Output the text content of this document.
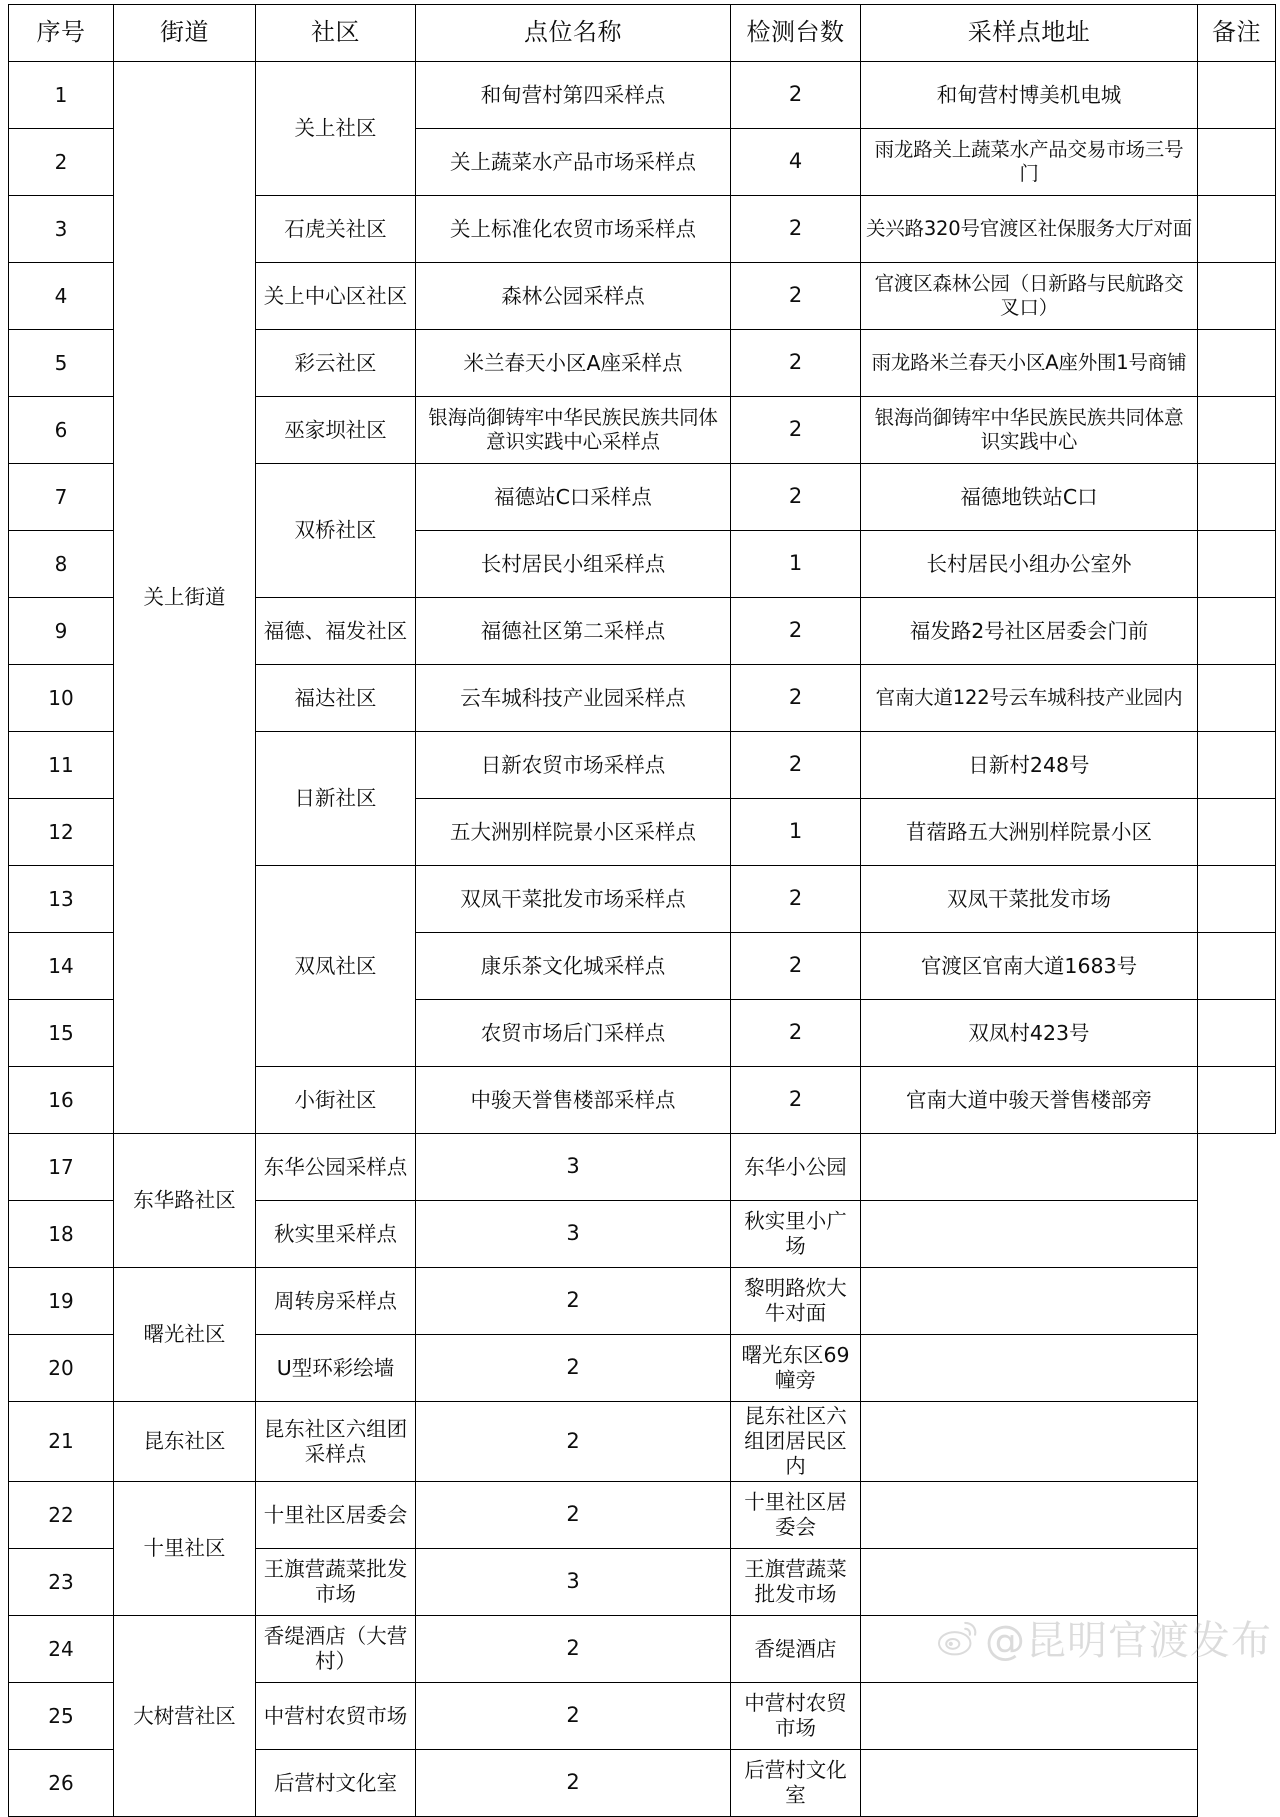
序号	街道	社区	点位名称	检测台数	采样点地址	备注
1	关上街道	关上社区	和甸营村第四采样点	2	和甸营村博美机电城	
2			关上蔬菜水产品市场采样点	4	雨龙路关上蔬菜水产品交易市场三号门	
3		石虎关社区	关上标准化农贸市场采样点	2	关兴路320号官渡区社保服务大厅对面	
4		关上中心区社区	森林公园采样点	2	官渡区森林公园（日新路与民航路交叉口）	
5		彩云社区	米兰春天小区A座采样点	2	雨龙路米兰春天小区A座外围1号商铺	
6		巫家坝社区	银海尚御铸牢中华民族民族共同体意识实践中心采样点	2	银海尚御铸牢中华民族民族共同体意识实践中心	
7		双桥社区	福德站C口采样点	2	福德地铁站C口	
8			长村居民小组采样点	1	长村居民小组办公室外	
9		福德、福发社区	福德社区第二采样点	2	福发路2号社区居委会门前	
10		福达社区	云车城科技产业园采样点	2	官南大道122号云车城科技产业园内	
11		日新社区	日新农贸市场采样点	2	日新村248号	
12			五大洲别样院景小区采样点	1	苜蓿路五大洲别样院景小区	
13		双凤社区	双凤干菜批发市场采样点	2	双凤干菜批发市场	
14			康乐茶文化城采样点	2	官渡区官南大道1683号	
15			农贸市场后门采样点	2	双凤村423号	
16		小街社区	中骏天誉售楼部采样点	2	官南大道中骏天誉售楼部旁	
17	东华路社区	东华公园采样点	3	东华小公园		
18		秋实里采样点	3	秋实里小广场		
19	曙光社区	周转房采样点	2	黎明路炊大牛对面		
20		U型环彩绘墙	2	曙光东区69幢旁		
21	昆东社区	昆东社区六组团采样点	2	昆东社区六组团居民区内		
22	十里社区	十里社区居委会	2	十里社区居委会		
23		王旗营蔬菜批发市场	3	王旗营蔬菜批发市场		
24	大树营社区	香缇酒店（大营村）	2	香缇酒店		
25		中营村农贸市场	2	中营村农贸市场		
26		后营村文化室	2	后营村文化室		
@昆明官渡发布
